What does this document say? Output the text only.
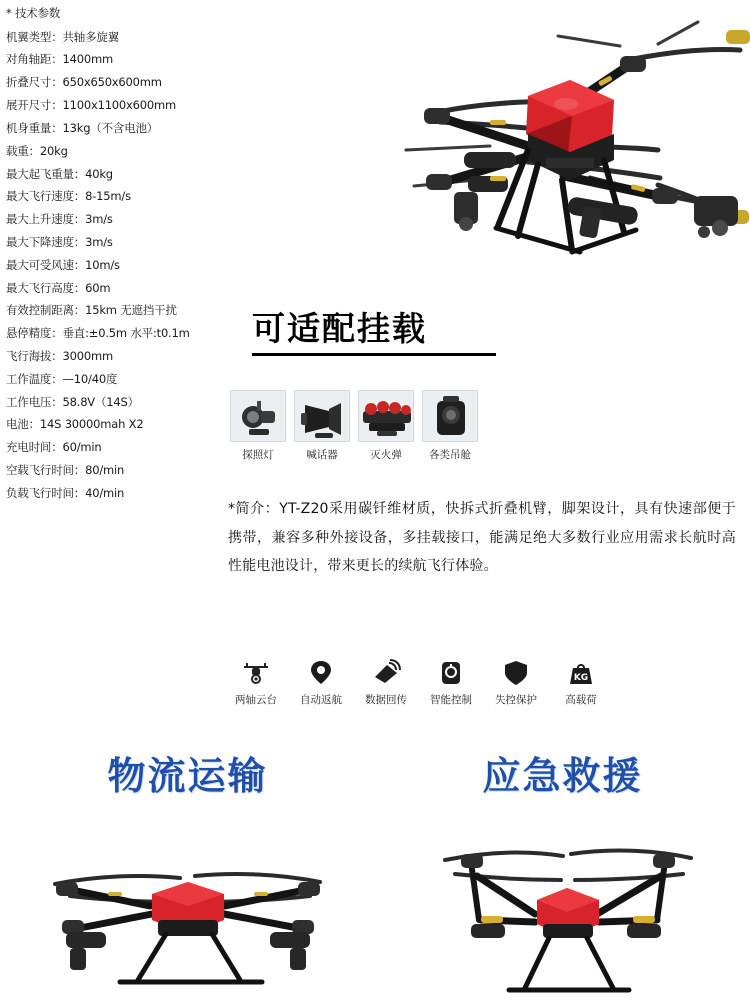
* 技术参数
机翼类型：共轴多旋翼
对角轴距：1400mm
折叠尺寸：650x650x600mm
展开尺寸：1100x1100x600mm
机身重量：13kg（不含电池）
载重：20kg
最大起飞重量：40kg
最大飞行速度：8-15m/s
最大上升速度：3m/s
最大下降速度：3m/s
最大可受风速：10m/s
最大飞行高度：60m
有效控制距离：15km 无遮挡干扰
悬停精度：垂直:±0.5m 水平:t0.1m
飞行海拔：3000mm
工作温度：—10/40度
工作电压：58.8V（14S）
电池：14S 30000mah X2
充电时间：60/min
空载飞行时间：80/min
负载飞行时间：40/min
可适配挂载
探照灯	喊话器	灭火弹	各类吊舱
*简介：YT-Z20采用碳钎维材质，快拆式折叠机臂，脚架设计，具有快速部便于携带，兼容多种外接设备，多挂载接口，能满足绝大多数行业应用需求长航时高性能电池设计，带来更长的续航飞行体验。
两轴云台	自动返航	数据回传	智能控制	失控保护
KG
高载荷
物流运输	应急救援
